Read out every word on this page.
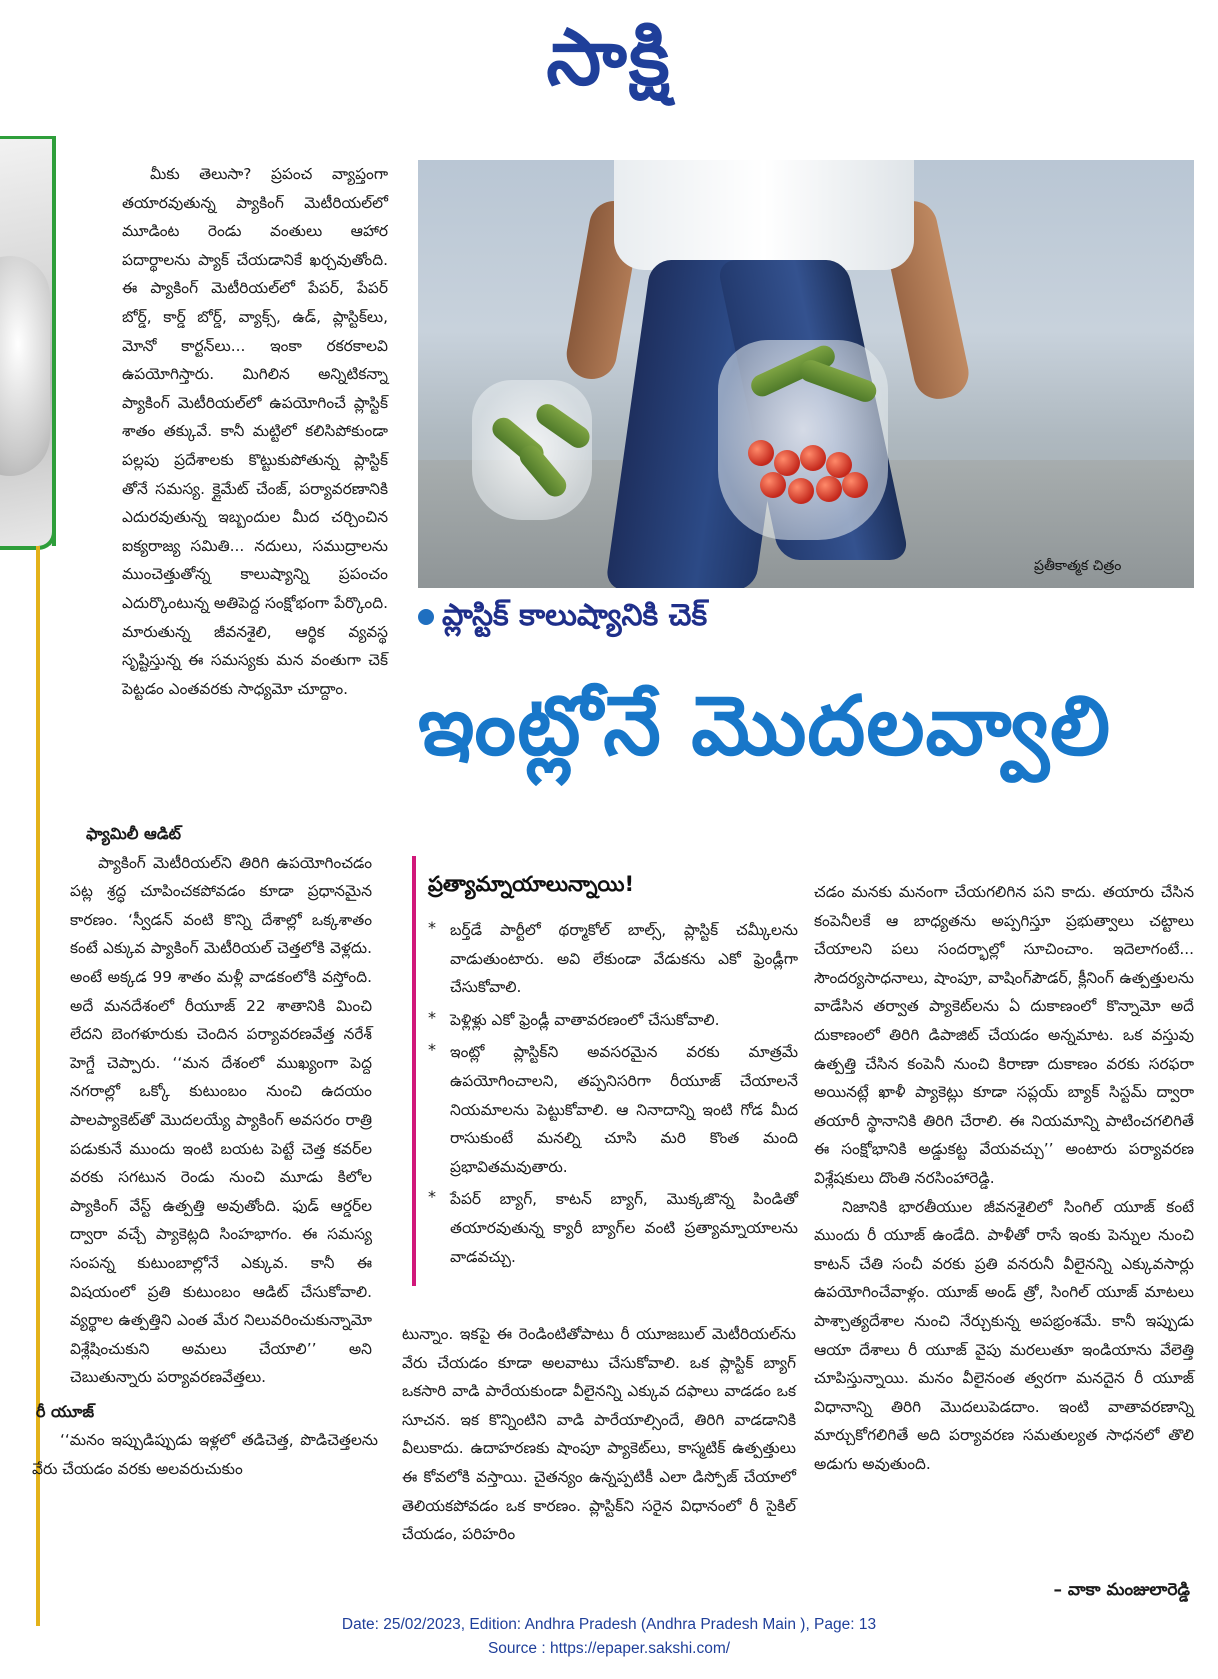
సాక్షి

మీకు తెలుసా? ప్రపంచ వ్యాప్తంగా తయారవుతున్న ప్యాకింగ్ మెటీరియల్‌లో మూడింట రెండు వంతులు ఆహార పదార్థాలను ప్యాక్ చేయడానికే ఖర్చవుతోంది. ఈ ప్యాకింగ్ మెటీరియల్‌లో పేపర్, పేపర్ బోర్డ్, కార్డ్ బోర్డ్, వ్యాక్స్, ఉడ్, ప్లాస్టిక్‌లు, మోనో కార్టన్‌లు... ఇంకా రకరకాలవి ఉపయోగిస్తారు. మిగిలిన అన్నిటికన్నా ప్యాకింగ్ మెటీరియల్‌లో ఉపయోగించే ప్లాస్టిక్ శాతం తక్కువే. కానీ మట్టిలో కలిసిపోకుండా పల్లపు ప్రదేశాలకు కొట్టుకుపోతున్న ప్లాస్టిక్ తోనే సమస్య. క్లైమేట్ చేంజ్, పర్యావరణానికి ఎదురవుతున్న ఇబ్బందుల మీద చర్చించిన ఐక్యరాజ్య సమితి... నదులు, సముద్రాలను ముంచెత్తుతోన్న కాలుష్యాన్ని ప్రపంచం ఎదుర్కొంటున్న అతిపెద్ద సంక్షోభంగా పేర్కొంది. మారుతున్న జీవనశైలి, ఆర్థిక వ్యవస్థ సృష్టిస్తున్న ఈ సమస్యకు మన వంతుగా చెక్ పెట్టడం ఎంతవరకు సాధ్యమో చూద్దాం.

ఫ్యామిలీ ఆడిట్

ప్యాకింగ్ మెటీరియల్‌ని తిరిగి ఉపయోగించడం పట్ల శ్రద్ధ చూపించకపోవడం కూడా ప్రధానమైన కారణం. ‘స్వీడన్ వంటి కొన్ని దేశాల్లో ఒక్కశాతం కంటే ఎక్కువ ప్యాకింగ్ మెటీరియల్ చెత్తలోకి వెళ్లదు. అంటే అక్కడ 99 శాతం మళ్లీ వాడకంలోకి వస్తోంది. అదే మనదేశంలో రీయూజ్ 22 శాతానికి మించి లేదని బెంగళూరుకు చెందిన పర్యావరణవేత్త నరేశ్ హెగ్డే చెప్పారు. ‘‘మన దేశంలో ముఖ్యంగా పెద్ద నగరాల్లో ఒక్కో కుటుంబం నుంచి ఉదయం పాలప్యాకెట్‌తో మొదలయ్యే ప్యాకింగ్ అవసరం రాత్రి పడుకునే ముందు ఇంటి బయట పెట్టే చెత్త కవర్‌ల వరకు సగటున రెండు నుంచి మూడు కిలోల ప్యాకింగ్ వేస్ట్ ఉత్పత్తి అవుతోంది. ఫుడ్ ఆర్డర్‌ల ద్వారా వచ్చే ప్యాకెట్లది సింహభాగం. ఈ సమస్య సంపన్న కుటుంబాల్లోనే ఎక్కువ. కానీ ఈ విషయంలో ప్రతి కుటుంబం ఆడిట్ చేసుకోవాలి. వ్యర్థాల ఉత్పత్తిని ఎంత మేర నిలువరించుకున్నామో విశ్లేషించుకుని అమలు చేయాలి’’ అని చెబుతున్నారు పర్యావరణవేత్తలు.

రీ యూజ్

‘‘మనం ఇప్పుడిప్పుడు ఇళ్లలో తడిచెత్త, పొడిచెత్తలను వేరు చేయడం వరకు అలవరుచుకుం

ప్రతీకాత్మక చిత్రం
ప్లాస్టిక్ కాలుష్యానికి చెక్
ఇంట్లోనే మొదలవ్వాలి
ప్రత్యామ్నాయాలున్నాయి!

* బర్త్‌డే పార్టీలో థర్మాకోల్ బాల్స్, ప్లాస్టిక్ చమ్కీలను వాడుతుంటారు. అవి లేకుండా వేడుకను ఎకో ఫ్రెండ్లీగా చేసుకోవాలి.

* పెళ్లిళ్లు ఎకో ఫ్రెండ్లీ వాతావరణంలో చేసుకోవాలి.

* ఇంట్లో ప్లాస్టిక్‌ని అవసరమైన వరకు మాత్రమే ఉపయోగించాలని, తప్పనిసరిగా రీయూజ్ చేయాలనే నియమాలను పెట్టుకోవాలి. ఆ నినాదాన్ని ఇంటి గోడ మీద రాసుకుంటే మనల్ని చూసి మరి కొంత మంది ప్రభావితమవుతారు.

* పేపర్ బ్యాగ్, కాటన్ బ్యాగ్, మొక్కజొన్న పిండితో తయారవుతున్న క్యారీ బ్యాగ్‌ల వంటి ప్రత్యామ్నాయాలను వాడవచ్చు.

టున్నాం. ఇకపై ఈ రెండింటితోపాటు రీ యూజబుల్ మెటీరియల్‌ను వేరు చేయడం కూడా అలవాటు చేసుకోవాలి. ఒక ప్లాస్టిక్ బ్యాగ్ ఒకసారి వాడి పారేయకుండా వీలైనన్ని ఎక్కువ దఫాలు వాడడం ఒక సూచన. ఇక కొన్నింటిని వాడి పారేయాల్సిందే, తిరిగి వాడడానికి వీలుకాదు. ఉదాహరణకు షాంపూ ప్యాకెట్‌లు, కాస్మటిక్ ఉత్పత్తులు ఈ కోవలోకి వస్తాయి. చైతన్యం ఉన్నప్పటికీ ఎలా డిస్పోజ్ చేయాలో తెలియకపోవడం ఒక కారణం. ప్లాస్టిక్‌ని సరైన విధానంలో రీ సైకిల్ చేయడం, పరిహరిం

చడం మనకు మనంగా చేయగలిగిన పని కాదు. తయారు చేసిన కంపెనీలకే ఆ బాధ్యతను అప్పగిస్తూ ప్రభుత్వాలు చట్టాలు చేయాలని పలు సందర్భాల్లో సూచించాం. ఇదెలాగంటే... సౌందర్యసాధనాలు, షాంపూ, వాషింగ్‌పౌడర్, క్లీనింగ్ ఉత్పత్తులను వాడేసిన తర్వాత ప్యాకెట్‌లను ఏ దుకాణంలో కొన్నామో అదే దుకాణంలో తిరిగి డిపాజిట్ చేయడం అన్నమాట. ఒక వస్తువు ఉత్పత్తి చేసిన కంపెనీ నుంచి కిరాణా దుకాణం వరకు సరఫరా అయినట్లే ఖాళీ ప్యాకెట్లు కూడా సప్లయ్ బ్యాక్ సిస్టమ్ ద్వారా తయారీ స్థానానికి తిరిగి చేరాలి. ఈ నియమాన్ని పాటించగలిగితే ఈ సంక్షోభానికి అడ్డుకట్ట వేయవచ్చు’’ అంటారు పర్యావరణ విశ్లేషకులు దొంతి నరసింహారెడ్డి.

నిజానికి భారతీయుల జీవనశైలిలో సింగిల్ యూజ్ కంటే ముందు రీ యూజ్ ఉండేది. పాళీతో రాసే ఇంకు పెన్నుల నుంచి కాటన్ చేతి సంచీ వరకు ప్రతి వనరునీ వీలైనన్ని ఎక్కువసార్లు ఉపయోగించేవాళ్లం. యూజ్ అండ్ త్రో, సింగిల్ యూజ్ మాటలు పాశ్చాత్యదేశాల నుంచి నేర్చుకున్న అపభ్రంశమే. కానీ ఇప్పుడు ఆయా దేశాలు రీ యూజ్ వైపు మరలుతూ ఇండియాను వేలెత్తి చూపిస్తున్నాయి. మనం వీలైనంత త్వరగా మనదైన రీ యూజ్ విధానాన్ని తిరిగి మొదలుపెడదాం. ఇంటి వాతావరణాన్ని మార్చుకోగలిగితే అది పర్యావరణ సమతుల్యత సాధనలో తొలి అడుగు అవుతుంది.

– వాకా మంజులారెడ్డి
Date: 25/02/2023, Edition: Andhra Pradesh (Andhra Pradesh Main ), Page: 13
Source : https://epaper.sakshi.com/
